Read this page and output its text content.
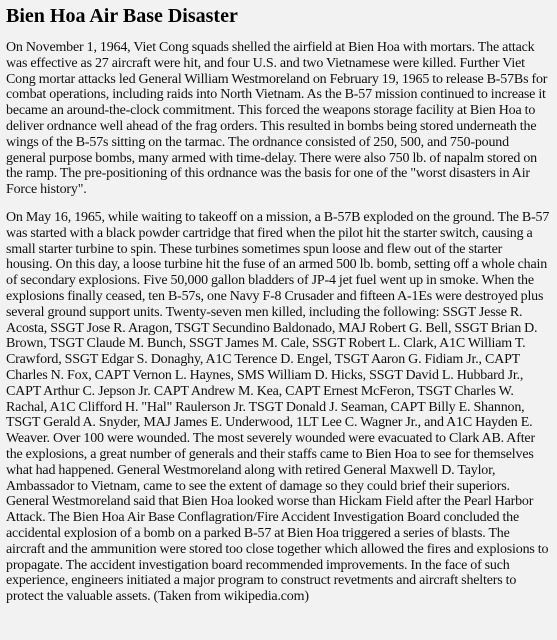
Bien Hoa Air Base Disaster

On November 1, 1964, Viet Cong squads shelled the airfield at Bien Hoa with mortars. The attack was effective as 27 aircraft were hit, and four U.S. and two Vietnamese were killed. Further Viet Cong mortar attacks led General William Westmoreland on February 19, 1965 to release B-57Bs for combat operations, including raids into North Vietnam. As the B-57 mission continued to increase it became an around-the-clock commitment. This forced the weapons storage facility at Bien Hoa to deliver ordnance well ahead of the frag orders. This resulted in bombs being stored underneath the wings of the B-57s sitting on the tarmac. The ordnance consisted of 250, 500, and 750-pound general purpose bombs, many armed with time-delay. There were also 750 lb. of napalm stored on the ramp. The pre-positioning of this ordnance was the basis for one of the "worst disasters in Air Force history".

On May 16, 1965, while waiting to takeoff on a mission, a B-57B exploded on the ground. The B-57 was started with a black powder cartridge that fired when the pilot hit the starter switch, causing a small starter turbine to spin. These turbines sometimes spun loose and flew out of the starter housing. On this day, a loose turbine hit the fuse of an armed 500 lb. bomb, setting off a whole chain of secondary explosions. Five 50,000 gallon bladders of JP-4 jet fuel went up in smoke. When the explosions finally ceased, ten B-57s, one Navy F-8 Crusader and fifteen A-1Es were destroyed plus several ground support units. Twenty-seven men killed, including the following: SSGT Jesse R. Acosta, SSGT Jose R. Aragon, TSGT Secundino Baldonado, MAJ Robert G. Bell, SSGT Brian D. Brown, TSGT Claude M. Bunch, SSGT James M. Cale, SSGT Robert L. Clark, A1C William T. Crawford, SSGT Edgar S. Donaghy, A1C Terence D. Engel, TSGT Aaron G. Fidiam Jr., CAPT Charles N. Fox, CAPT Vernon L. Haynes, SMS William D. Hicks, SSGT David L. Hubbard Jr., CAPT Arthur C. Jepson Jr. CAPT Andrew M. Kea, CAPT Ernest McFeron, TSGT Charles W. Rachal, A1C Clifford H. "Hal" Raulerson Jr. TSGT Donald J. Seaman, CAPT Billy E. Shannon, TSGT Gerald A. Snyder, MAJ James E. Underwood, 1LT Lee C. Wagner Jr., and A1C Hayden E. Weaver. Over 100 were wounded. The most severely wounded were evacuated to Clark AB. After the explosions, a great number of generals and their staffs came to Bien Hoa to see for themselves what had happened. General Westmoreland along with retired General Maxwell D. Taylor, Ambassador to Vietnam, came to see the extent of damage so they could brief their superiors. General Westmoreland said that Bien Hoa looked worse than Hickam Field after the Pearl Harbor Attack. The Bien Hoa Air Base Conflagration/Fire Accident Investigation Board concluded the accidental explosion of a bomb on a parked B-57 at Bien Hoa triggered a series of blasts. The aircraft and the ammunition were stored too close together which allowed the fires and explosions to propagate. The accident investigation board recommended improvements. In the face of such experience, engineers initiated a major program to construct revetments and aircraft shelters to protect the valuable assets. (Taken from wikipedia.com)
